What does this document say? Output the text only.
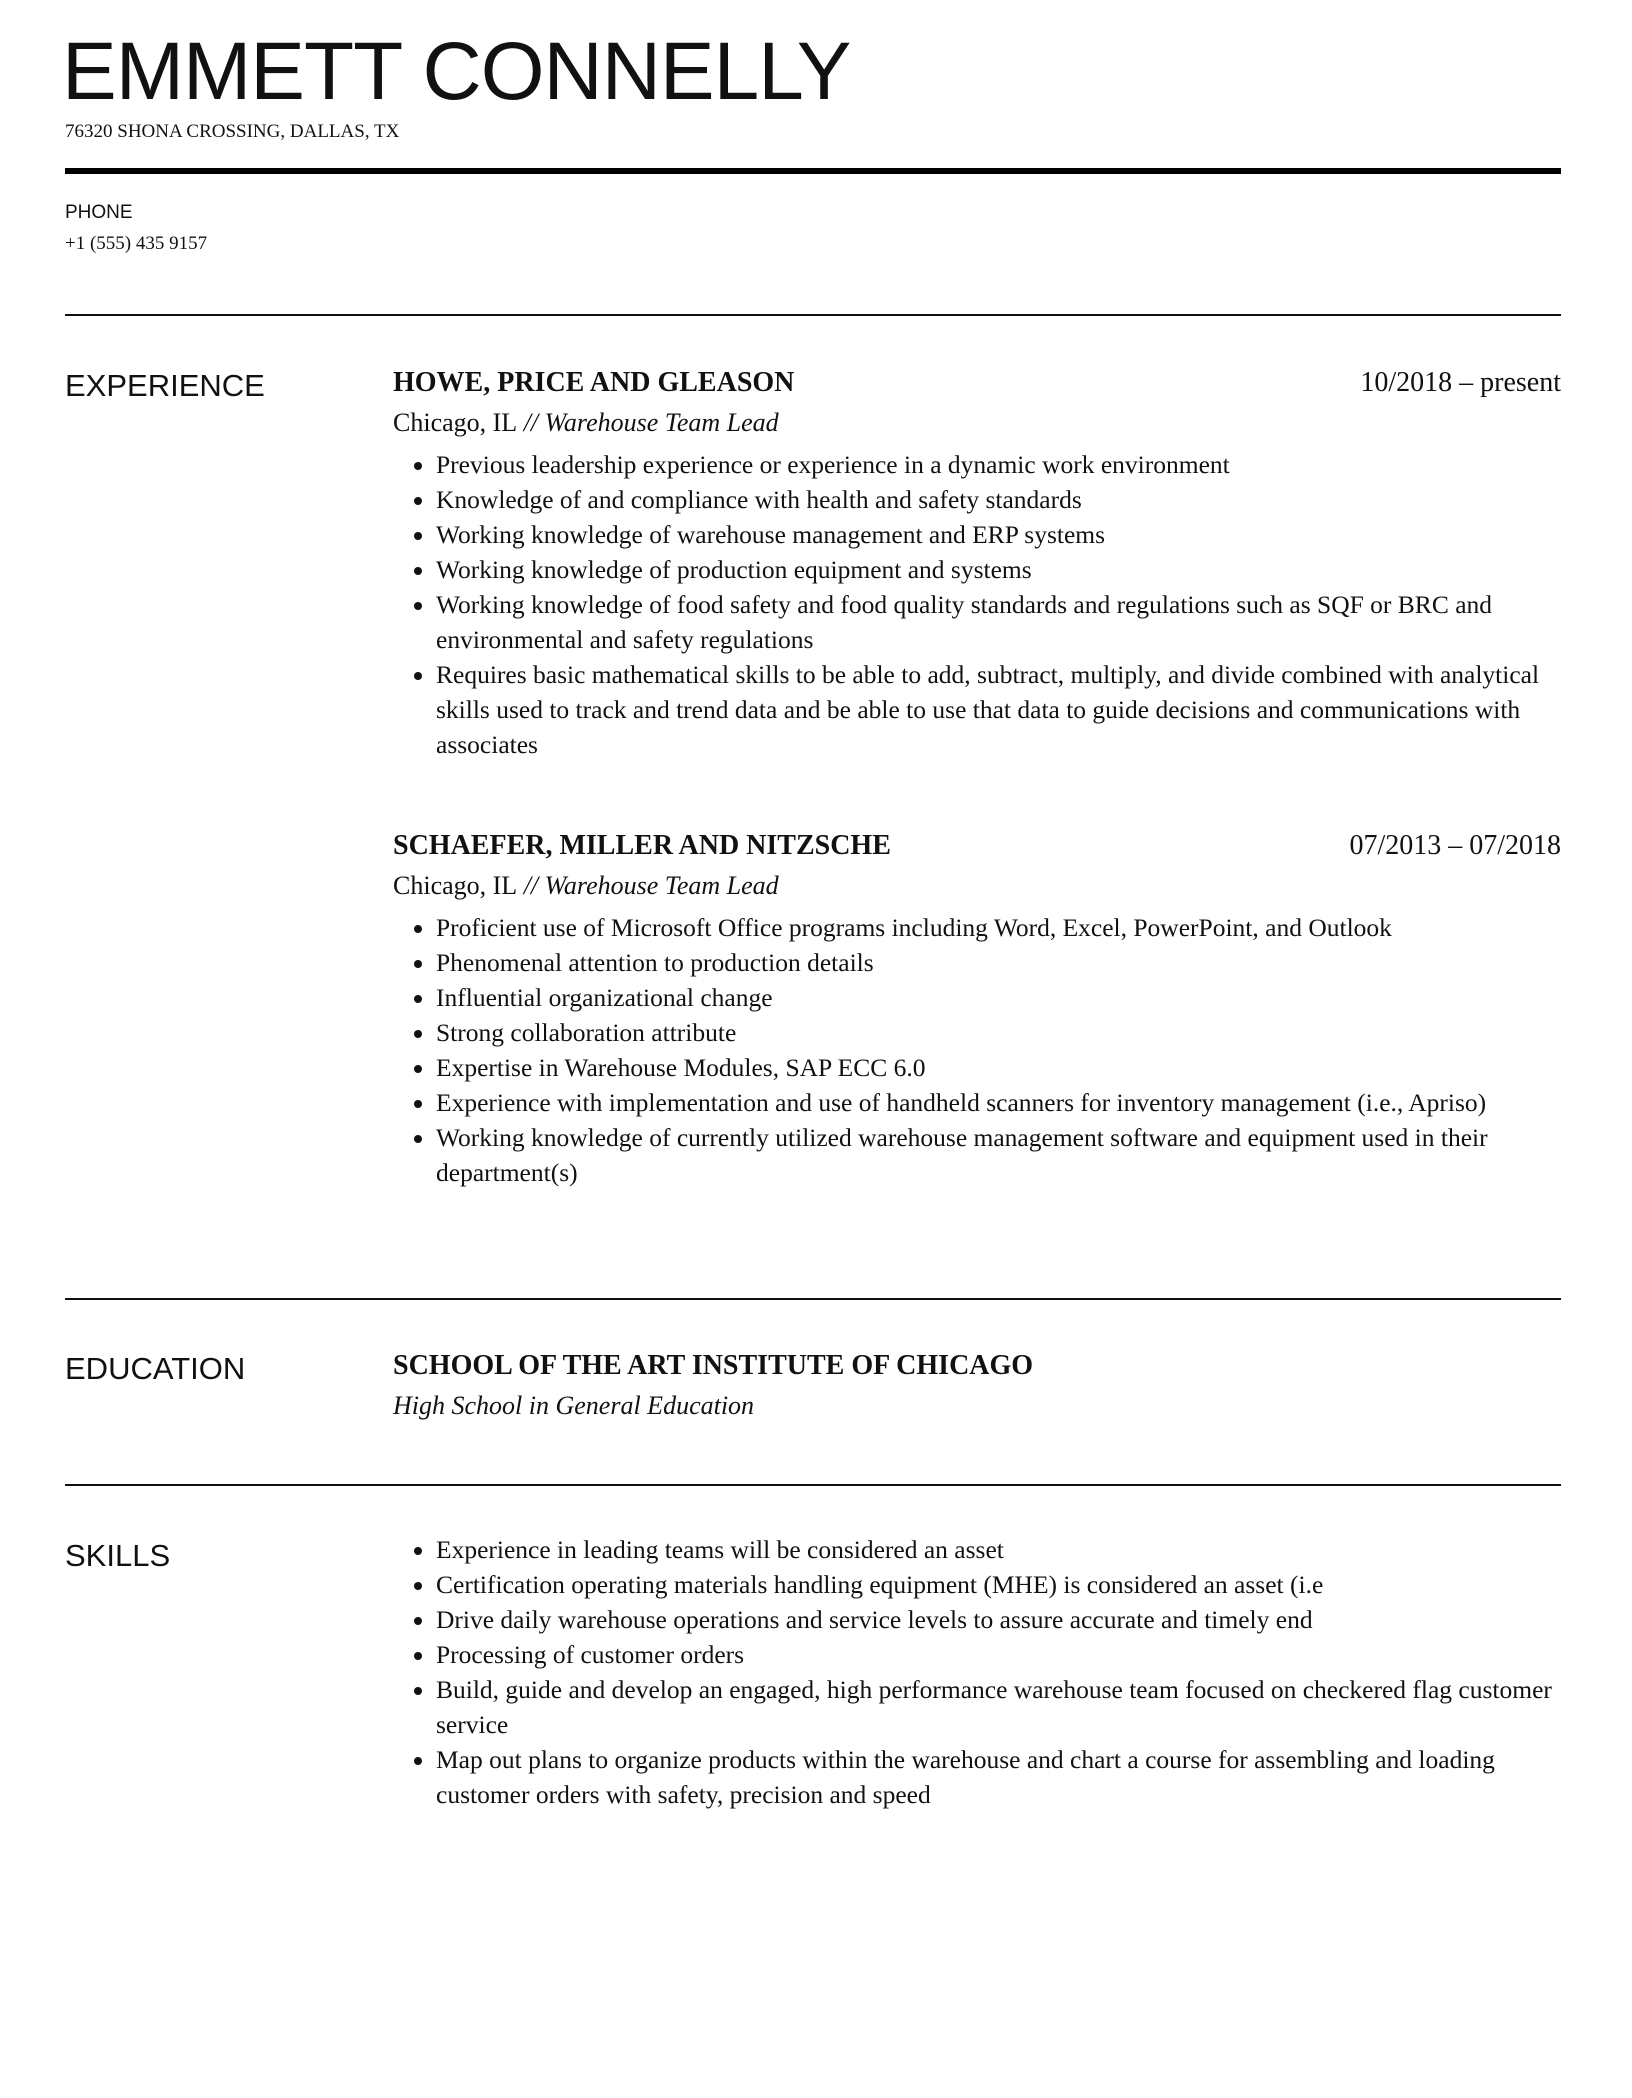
EMMETT CONNELLY
76320 SHONA CROSSING, DALLAS, TX
PHONE
+1 (555) 435 9157
EXPERIENCE	HOWE, PRICE AND GLEASON	10/2018 – present
Chicago, IL // Warehouse Team Lead
• Previous leadership experience or experience in a dynamic work environment
• Knowledge of and compliance with health and safety standards
• Working knowledge of warehouse management and ERP systems
• Working knowledge of production equipment and systems
• Working knowledge of food safety and food quality standards and regulations such as SQF or BRC and environmental and safety regulations
• Requires basic mathematical skills to be able to add, subtract, multiply, and divide combined with analytical skills used to track and trend data and be able to use that data to guide decisions and communications with associates
SCHAEFER, MILLER AND NITZSCHE	07/2013 – 07/2018
Chicago, IL // Warehouse Team Lead
• Proficient use of Microsoft Office programs including Word, Excel, PowerPoint, and Outlook
• Phenomenal attention to production details
• Influential organizational change
• Strong collaboration attribute
• Expertise in Warehouse Modules, SAP ECC 6.0
• Experience with implementation and use of handheld scanners for inventory management (i.e., Apriso)
• Working knowledge of currently utilized warehouse management software and equipment used in their department(s)
EDUCATION	SCHOOL OF THE ART INSTITUTE OF CHICAGO
High School in General Education
SKILLS	• Experience in leading teams will be considered an asset
• Certification operating materials handling equipment (MHE) is considered an asset (i.e
• Drive daily warehouse operations and service levels to assure accurate and timely end
• Processing of customer orders
• Build, guide and develop an engaged, high performance warehouse team focused on checkered flag customer service
• Map out plans to organize products within the warehouse and chart a course for assembling and loading customer orders with safety, precision and speed
